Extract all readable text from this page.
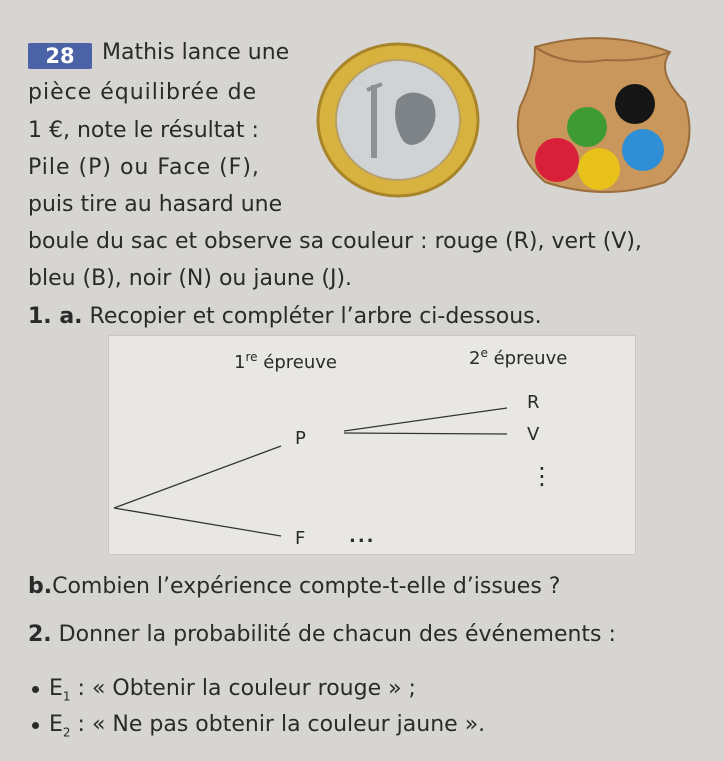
28	Mathis lance une
pièce équilibrée de
1 €, note le résultat :
Pile (P) ou Face (F),
puis tire au hasard une
boule du sac et observe sa couleur : rouge (R), vert (V),
bleu (B), noir (N) ou jaune (J).
1. a. Recopier et compléter l’arbre ci-dessous.
1re épreuve	2e épreuve
P
F
R
V
⋮
...
b.Combien l’expérience compte-t-elle d’issues ?
2. Donner la probabilité de chacun des événements :
$E_1$ : « Obtenir la couleur rouge » ;
$E_2$ : « Ne pas obtenir la couleur jaune ».
